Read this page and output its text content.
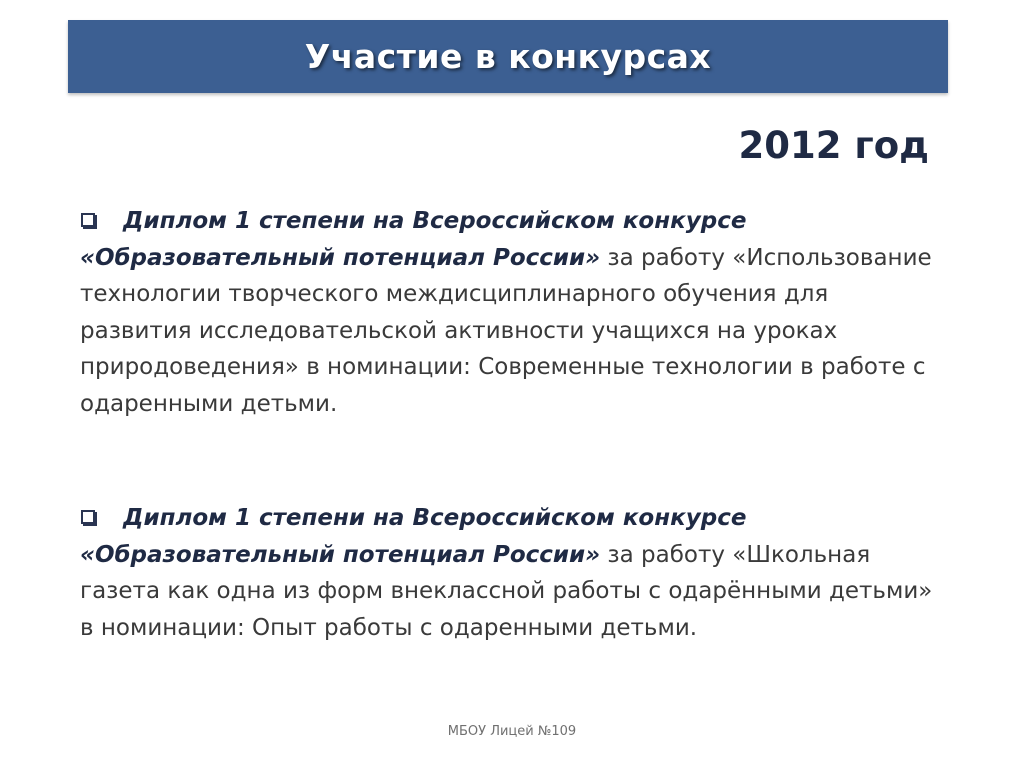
Участие в конкурсах
2012 год
Диплом 1 степени на Всероссийском конкурсе
«Образовательный потенциал России» за работу «Использование технологии творческого междисциплинарного обучения для развития исследовательской активности учащихся на уроках природоведения» в номинации: Современные технологии в работе с одаренными детьми.
Диплом 1 степени на Всероссийском конкурсе
«Образовательный потенциал России» за работу «Школьная газета как одна из форм внеклассной работы с одарёнными детьми» в номинации: Опыт работы с одаренными детьми.
МБОУ Лицей №109
